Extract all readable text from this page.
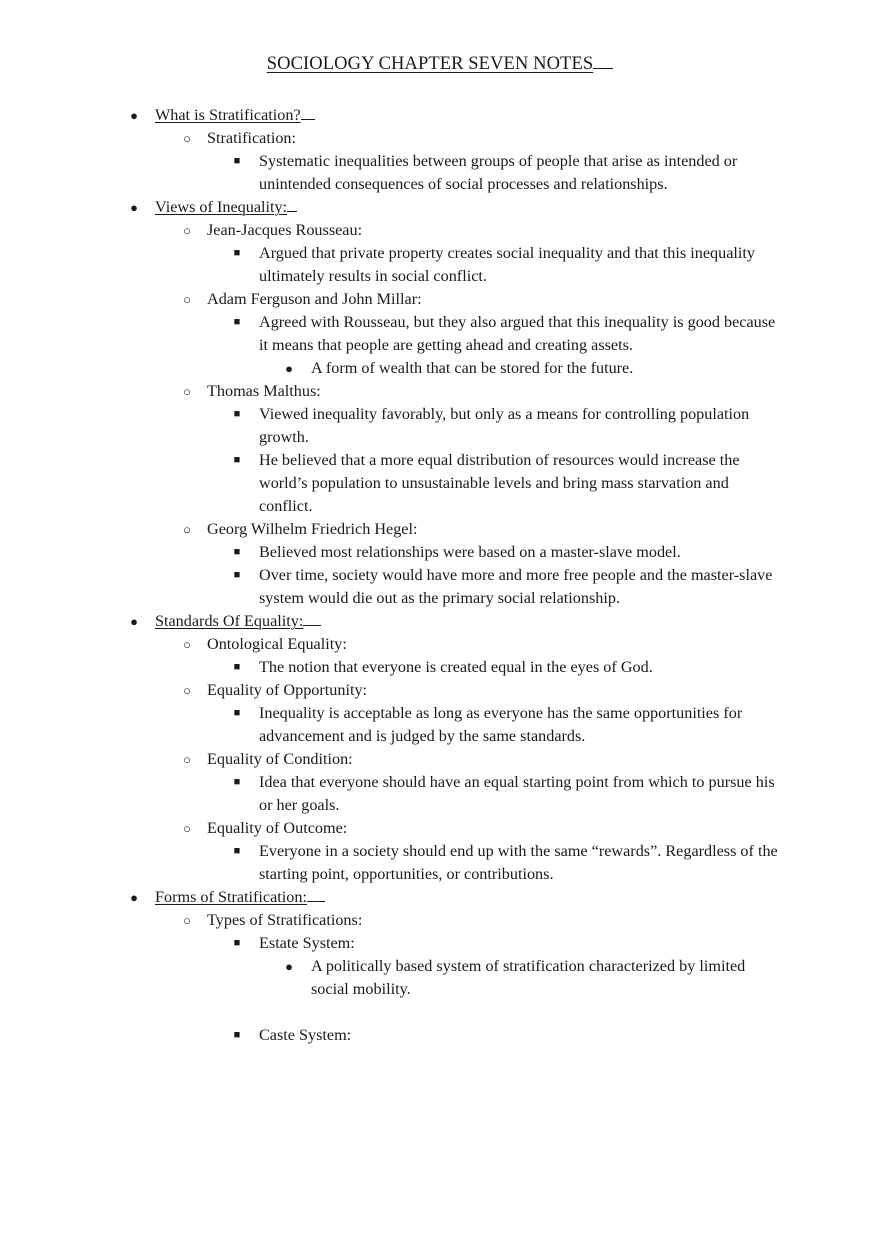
SOCIOLOGY CHAPTER SEVEN NOTES
●	What is Stratification?
○ Stratification:
■	Systematic inequalities between groups of people that arise as intended or unintended consequences of social processes and relationships.
●	Views of Inequality:
○ Jean-Jacques Rousseau:
■	Argued that private property creates social inequality and that this inequality ultimately results in social conflict.
○ Adam Ferguson and John Millar:
■	Agreed with Rousseau, but they also argued that this inequality is good because it means that people are getting ahead and creating assets.
●	A form of wealth that can be stored for the future.
○ Thomas Malthus:
■	Viewed inequality favorably, but only as a means for controlling population growth.
■	He believed that a more equal distribution of resources would increase the world’s population to unsustainable levels and bring mass starvation and conflict.
○ Georg Wilhelm Friedrich Hegel:
■	Believed most relationships were based on a master-slave model.
■	Over time, society would have more and more free people and the master-slave system would die out as the primary social relationship.
●	Standards Of Equality:
○ Ontological Equality:
■	The notion that everyone is created equal in the eyes of God.
○ Equality of Opportunity:
■	Inequality is acceptable as long as everyone has the same opportunities for advancement and is judged by the same standards.
○ Equality of Condition:
■	Idea that everyone should have an equal starting point from which to pursue his or her goals.
○ Equality of Outcome:
■	Everyone in a society should end up with the same “rewards”. Regardless of the starting point, opportunities, or contributions.
●	Forms of Stratification:
○ Types of Stratifications:
■	Estate System:
●	A politically based system of stratification characterized by limited social mobility.
■	Caste System:
